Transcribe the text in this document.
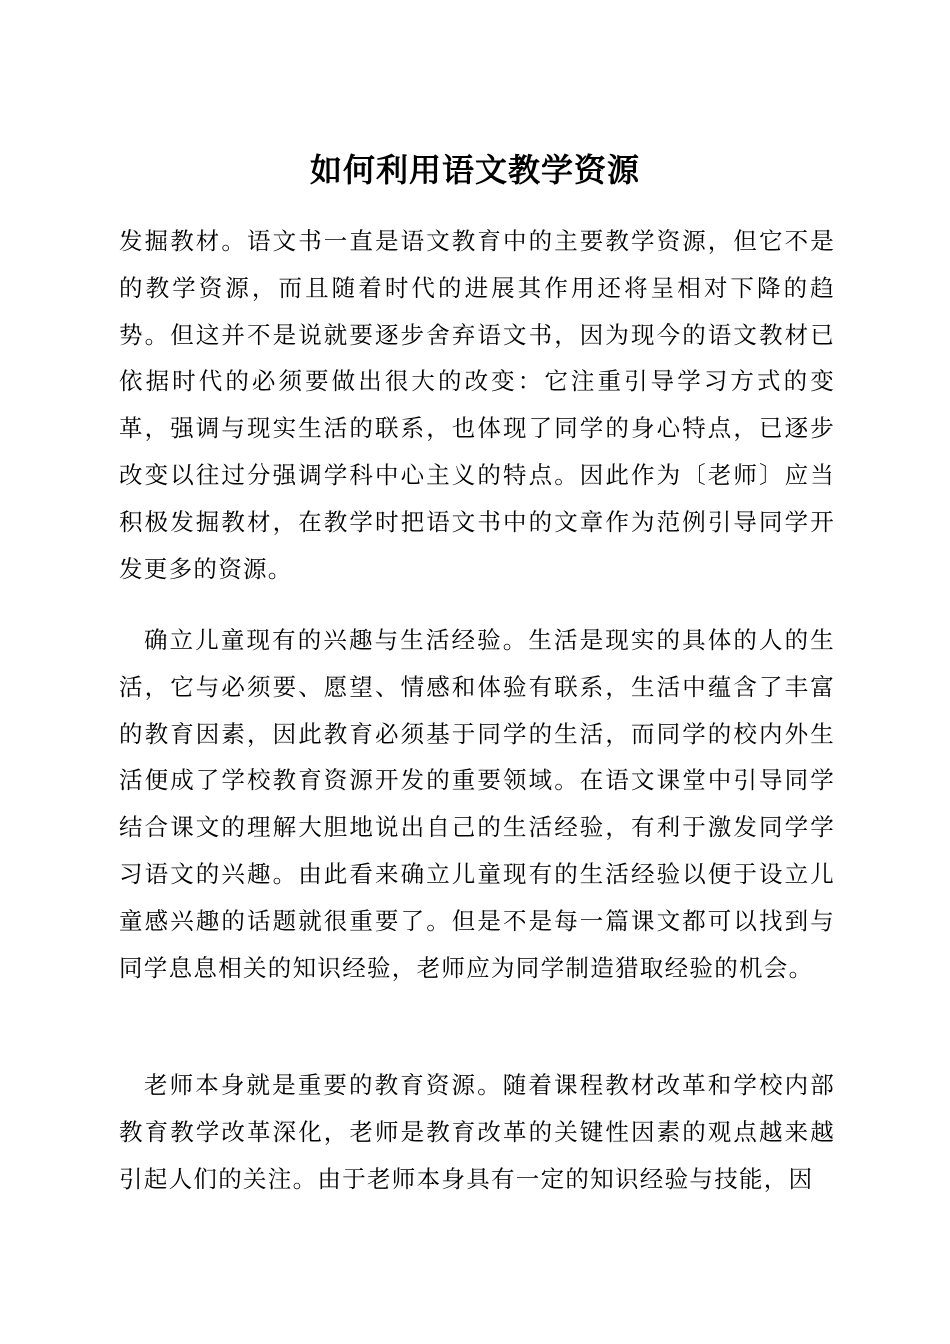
如何利用语文教学资源

发掘教材。语文书一直是语文教育中的主要教学资源，但它不是的教学资源，而且随着时代的进展其作用还将呈相对下降的趋势。但这并不是说就要逐步舍弃语文书，因为现今的语文教材已依据时代的必须要做出很大的改变：它注重引导学习方式的变革，强调与现实生活的联系，也体现了同学的身心特点，已逐步改变以往过分强调学科中心主义的特点。因此作为〔老师〕应当积极发掘教材，在教学时把语文书中的文章作为范例引导同学开发更多的资源。

确立儿童现有的兴趣与生活经验。生活是现实的具体的人的生活，它与必须要、愿望、情感和体验有联系，生活中蕴含了丰富的教育因素，因此教育必须基于同学的生活，而同学的校内外生活便成了学校教育资源开发的重要领域。在语文课堂中引导同学结合课文的理解大胆地说出自己的生活经验，有利于激发同学学习语文的兴趣。由此看来确立儿童现有的生活经验以便于设立儿童感兴趣的话题就很重要了。但是不是每一篇课文都可以找到与同学息息相关的知识经验，老师应为同学制造猎取经验的机会。

老师本身就是重要的教育资源。随着课程教材改革和学校内部教育教学改革深化，老师是教育改革的关键性因素的观点越来越引起人们的关注。由于老师本身具有一定的知识经验与技能，因
